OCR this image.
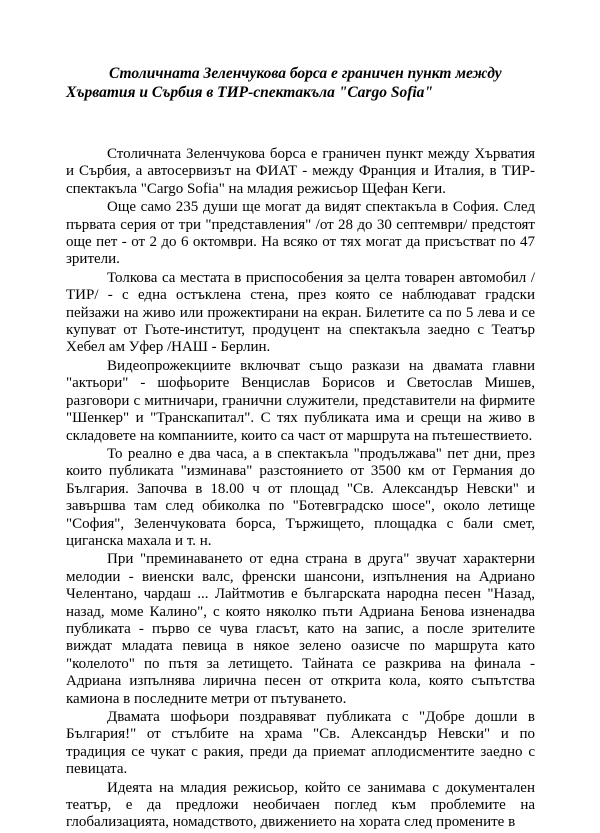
Столичната Зеленчукова борса е граничен пункт между Хърватия и Сърбия в ТИР-спектакъла "Cargo Sofia"

Столичната Зеленчукова борса е граничен пункт между Хърватия и Сърбия, а автосервизът на ФИАТ - между Франция и Италия, в ТИР-спектакъла "Cargo Sofia" на младия режисьор Щефан Кеги.

Още само 235 души ще могат да видят спектакъла в София. След първата серия от три "представления" /от 28 до 30 септември/ предстоят още пет - от 2 до 6 октомври. На всяко от тях могат да присъстват по 47 зрители.

Толкова са местата в приспособения за целта товарен автомобил /ТИР/ - с една остъклена стена, през която се наблюдават градски пейзажи на живо или прожектирани на екран. Билетите са по 5 лева и се купуват от Гьоте-институт, продуцент на спектакъла заедно с Театър Хебел ам Уфер /НАШ - Берлин.

Видеопрожекциите включват също разкази на двамата главни "актьори" - шофьорите Венцислав Борисов и Светослав Мишев, разговори с митничари, гранични служители, представители на фирмите "Шенкер" и "Транскапитал". С тях публиката има и срещи на живо в складовете на компаниите, които са част от маршрута на пътешествието.

То реално е два часа, а в спектакъла "продължава" пет дни, през които публиката "изминава" разстоянието от 3500 км от Германия до България. Започва в 18.00 ч от площад "Св. Александър Невски" и завършва там след обиколка по "Ботевградско шосе", около летище "София", Зеленчуковата борса, Тържището, площадка с бали смет, циганска махала и т. н.

При "преминаването от една страна в друга" звучат характерни мелодии - виенски валс, френски шансони, изпълнения на Адриано Челентано, чардаш ... Лайтмотив е българската народна песен "Назад, назад, моме Калино", с която няколко пъти Адриана Бенова изненадва публиката - първо се чува гласът, като на запис, а после зрителите виждат младата певица в някое зелено оазисче по маршрута като "колелото" по пътя за летището. Тайната се разкрива на финала - Адриана изпълнява лирична песен от открита кола, която съпътства камиона в последните метри от пътуването.

Двамата шофьори поздравяват публиката с "Добре дошли в България!" от стълбите на храма "Св. Александър Невски" и по традиция се чукат с ракия, преди да приемат аплодисментите заедно с певицата.

Идеята на младия режисьор, който се занимава с документален театър, е да предложи необичаен поглед към проблемите на глобализацията, номадството, движението на хората след промените в
